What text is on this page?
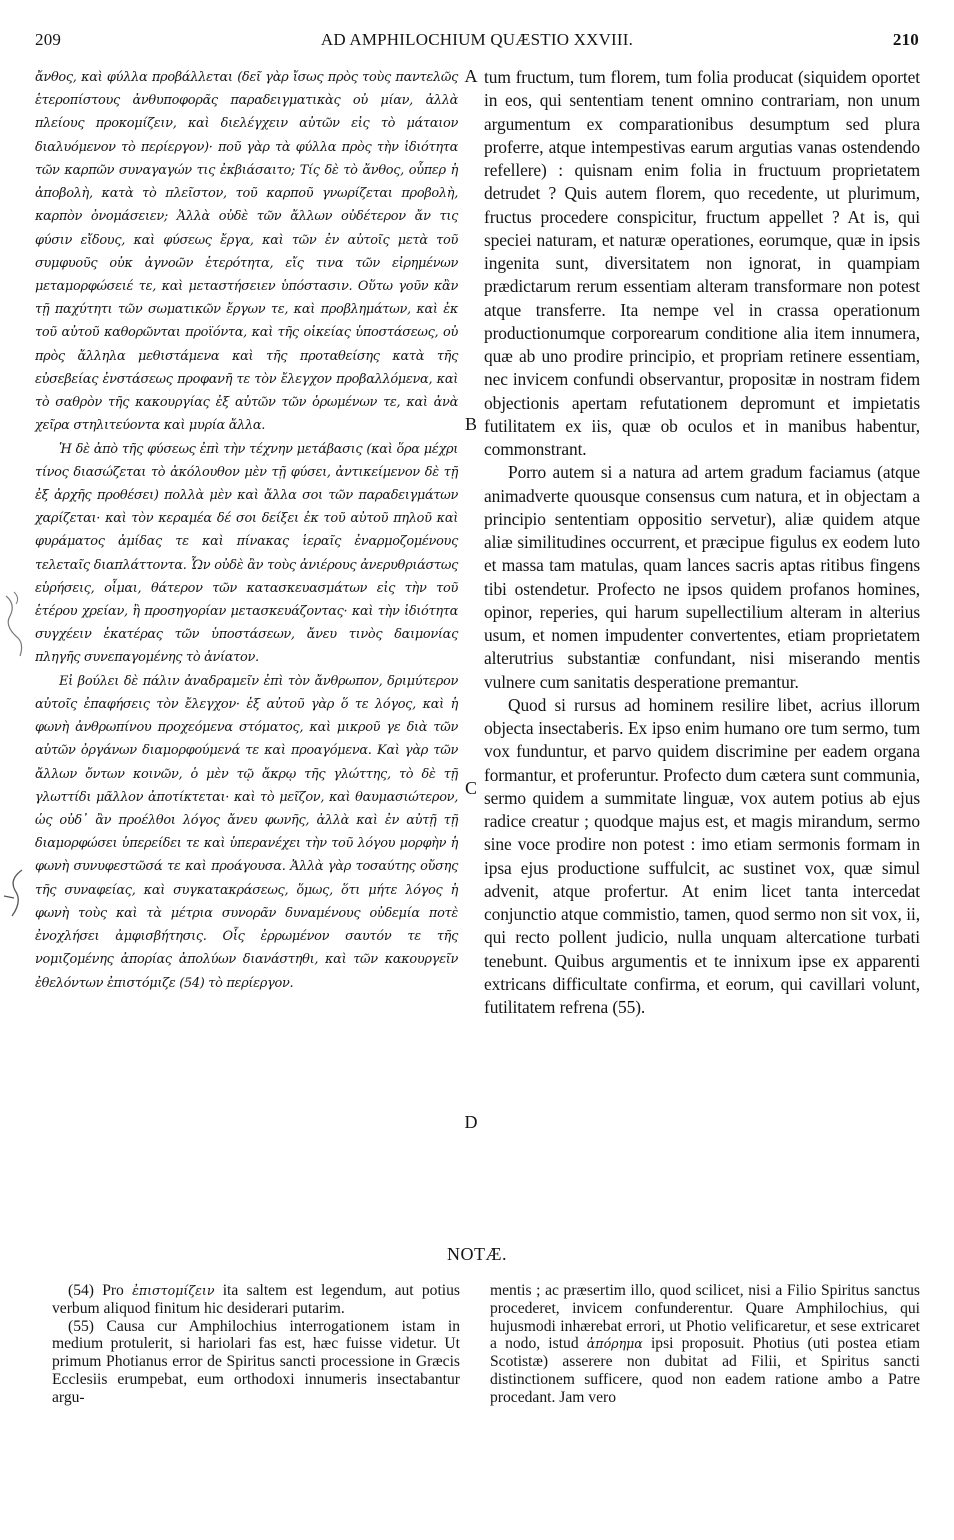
209	AD AMPHILOCHIUM QUÆSTIO XXVIII.	210

ἄνθος, καὶ φύλλα προβάλλεται (δεῖ γὰρ ἴσως πρὸς τοὺς παντελῶς ἑτεροπίστους ἀνθυποφορᾶς παραδειγματικὰς οὐ μίαν, ἀλλὰ πλείους προκομίζειν, καὶ διελέγχειν αὐτῶν εἰς τὸ μάταιον διαλυόμενον τὸ περίεργον)· ποῦ γὰρ τὰ φύλλα πρὸς τὴν ἰδιότητα τῶν καρπῶν συναγαγών τις ἐκβιάσαιτο; Τίς δὲ τὸ ἄνθος, οὗπερ ἡ ἀποβολὴ, κατὰ τὸ πλεῖστον, τοῦ καρποῦ γνωρίζεται προβολὴ, καρπὸν ὀνομάσειεν; Ἀλλὰ οὐδὲ τῶν ἄλλων οὐδέτερον ἄν τις φύσιν εἴδους, καὶ φύσεως ἔργα, καὶ τῶν ἐν αὐτοῖς μετὰ τοῦ συμφυοῦς οὐκ ἀγνοῶν ἑτερότητα, εἴς τινα τῶν εἰρημένων μεταμορφώσειέ τε, καὶ μεταστήσειεν ὑπόστασιν. Οὕτω γοῦν κἂν τῇ παχύτητι τῶν σωματικῶν ἔργων τε, καὶ προβλημάτων, καὶ ἐκ τοῦ αὐτοῦ καθορῶνται προϊόντα, καὶ τῆς οἰκείας ὑποστάσεως, οὐ πρὸς ἄλληλα μεθιστάμενα καὶ τῆς προταθείσης κατὰ τῆς εὐσεβείας ἐνστάσεως προφανῆ τε τὸν ἔλεγχον προβαλλόμενα, καὶ τὸ σαθρὸν τῆς κακουργίας ἐξ αὐτῶν τῶν ὁρωμένων τε, καὶ ἀνὰ χεῖρα στηλιτεύοντα καὶ μυρία ἄλλα.

Ἡ δὲ ἀπὸ τῆς φύσεως ἐπὶ τὴν τέχνην μετάβασις (καὶ ὅρα μέχρι τίνος διασώζεται τὸ ἀκόλουθον μὲν τῇ φύσει, ἀντικείμενον δὲ τῇ ἐξ ἀρχῆς προθέσει) πολλὰ μὲν καὶ ἄλλα σοι τῶν παραδειγμάτων χαρίζεται· καὶ τὸν κεραμέα δέ σοι δείξει ἐκ τοῦ αὐτοῦ πηλοῦ καὶ φυράματος ἀμίδας τε καὶ πίνακας ἱεραῖς ἐναρμοζομένους τελεταῖς διαπλάττοντα. Ὧν οὐδὲ ἂν τοὺς ἀνιέρους ἀνερυθριάστως εὑρήσεις, οἶμαι, θάτερον τῶν κατασκευασμάτων εἰς τὴν τοῦ ἑτέρου χρείαν, ἢ προσηγορίαν μετασκευάζοντας· καὶ τὴν ἰδιότητα συγχέειν ἑκατέρας τῶν ὑποστάσεων, ἄνευ τινὸς δαιμονίας πληγῆς συνεπαγομένης τὸ ἀνίατον.

Εἰ βούλει δὲ πάλιν ἀναδραμεῖν ἐπὶ τὸν ἄνθρωπον, δριμύτερον αὐτοῖς ἐπαφήσεις τὸν ἔλεγχον· ἐξ αὐτοῦ γὰρ ὅ τε λόγος, καὶ ἡ φωνὴ ἀνθρωπίνου προχεόμενα στόματος, καὶ μικροῦ γε διὰ τῶν αὐτῶν ὀργάνων διαμορφούμενά τε καὶ προαγόμενα. Καὶ γὰρ τῶν ἄλλων ὄντων κοινῶν, ὁ μὲν τῷ ἄκρῳ τῆς γλώττης, τὸ δὲ τῇ γλωττίδι μᾶλλον ἀποτίκτεται· καὶ τὸ μεῖζον, καὶ θαυμασιώτερον, ὡς οὐδ᾽ ἂν προέλθοι λόγος ἄνευ φωνῆς, ἀλλὰ καὶ ἐν αὐτῇ τῇ διαμορφώσει ὑπερείδει τε καὶ ὑπερανέχει τὴν τοῦ λόγου μορφὴν ἡ φωνὴ συνυφεστῶσά τε καὶ προάγουσα. Ἀλλὰ γὰρ τοσαύτης οὔσης τῆς συναφείας, καὶ συγκατακράσεως, ὅμως, ὅτι μήτε λόγος ἡ φωνὴ τοὺς καὶ τὰ μέτρια συνορᾶν δυναμένους οὐδεμία ποτὲ ἐνοχλήσει ἀμφισβήτησις. Οἷς ἐρρωμένον σαυτόν τε τῆς νομιζομένης ἀπορίας ἀπολύων διανάστηθι, καὶ τῶν κακουργεῖν ἐθελόντων ἐπιστόμιζε (54) τὸ περίεργον.

tum fructum, tum florem, tum folia producat (siquidem oportet in eos, qui sententiam tenent omnino contrariam, non unum argumentum ex comparationibus desumptum sed plura proferre, atque intempestivas earum argutias vanas ostendendo refellere) : quisnam enim folia in fructuum proprietatem detrudet ? Quis autem florem, quo recedente, ut plurimum, fructus procedere conspicitur, fructum appellet ? At is, qui speciei naturam, et naturæ operationes, eorumque, quæ in ipsis ingenita sunt, diversitatem non ignorat, in quampiam prædictarum rerum essentiam alteram transformare non potest atque transferre. Ita nempe vel in crassa operationum productionumque corporearum conditione alia item innumera, quæ ab uno prodire principio, et propriam retinere essentiam, nec invicem confundi observantur, propositæ in nostram fidem objectionis apertam refutationem depromunt et impietatis futilitatem ex iis, quæ ob oculos et in manibus habentur, commonstrant.

Porro autem si a natura ad artem gradum faciamus (atque animadverte quousque consensus cum natura, et in objectam a principio sententiam oppositio servetur), aliæ quidem atque aliæ similitudines occurrent, et præcipue figulus ex eodem luto et massa tam matulas, quam lances sacris aptas ritibus fingens tibi ostendetur. Profecto ne ipsos quidem profanos homines, opinor, reperies, qui harum supellectilium alteram in alterius usum, et nomen impudenter convertentes, etiam proprietatem alterutrius substantiæ confundant, nisi miserando mentis vulnere cum sanitatis desperatione premantur.

Quod si rursus ad hominem resilire libet, acrius illorum objecta insectaberis. Ex ipso enim humano ore tum sermo, tum vox funduntur, et parvo quidem discrimine per eadem organa formantur, et proferuntur. Profecto dum cætera sunt communia, sermo quidem a summitate linguæ, vox autem potius ab ejus radice creatur ; quodque majus est, et magis mirandum, sermo sine voce prodire non potest : imo etiam sermonis formam in ipsa ejus productione suffulcit, ac sustinet vox, quæ simul advenit, atque profertur. At enim licet tanta intercedat conjunctio atque commistio, tamen, quod sermo non sit vox, ii, qui recto pollent judicio, nulla unquam altercatione turbati tenebunt. Quibus argumentis et te innixum ipse ex apparenti extricans difficultate confirma, et eorum, qui cavillari volunt, futilitatem refrena (55).

A
B
C
D
NOTÆ.

(54) Pro ἐπιστομίζειν ita saltem est legendum, aut potius verbum aliquod finitum hic desiderari putarim.

(55) Causa cur Amphilochius interrogationem istam in medium protulerit, si hariolari fas est, hæc fuisse videtur. Ut primum Photianus error de Spiritus sancti processione in Græcis Ecclesiis erumpebat, eum orthodoxi innumeris insectabantur argu-

mentis ; ac præsertim illo, quod scilicet, nisi a Filio Spiritus sanctus procederet, invicem confunderentur. Quare Amphilochius, qui hujusmodi inhærebat errori, ut Photio velificaretur, et sese extricaret a nodo, istud ἀπόρημα ipsi proposuit. Photius (uti postea etiam Scotistæ) asserere non dubitat ad Filii, et Spiritus sancti distinctionem sufficere, quod non eadem ratione ambo a Patre procedant. Jam vero
